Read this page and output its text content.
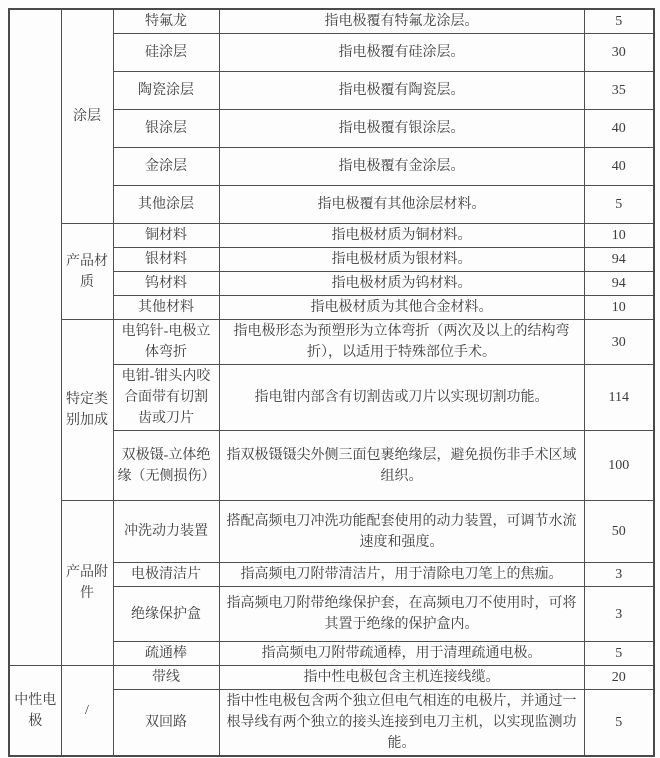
	涂层	特氟龙	指电极覆有特氟龙涂层。	5
		硅涂层	指电极覆有硅涂层。	30
		陶瓷涂层	指电极覆有陶瓷层。	35
		银涂层	指电极覆有银涂层。	40
		金涂层	指电极覆有金涂层。	40
		其他涂层	指电极覆有其他涂层材料。	5
	产品材质	铜材料	指电极材质为铜材料。	10
		银材料	指电极材质为银材料。	94
		钨材料	指电极材质为钨材料。	94
		其他材料	指电极材质为其他合金材料。	10
	特定类别加成	电钨针-电极立体弯折	指电极形态为预塑形为立体弯折（两次及以上的结构弯折），以适用于特殊部位手术。	30
		电钳-钳头内咬合面带有切割齿或刀片	指电钳内部含有切割齿或刀片以实现切割功能。	114
		双极镊-立体绝缘（无侧损伤）	指双极镊镊尖外侧三面包裹绝缘层，避免损伤非手术区域组织。	100
	产品附件	冲洗动力装置	搭配高频电刀冲洗功能配套使用的动力装置，可调节水流速度和强度。	50
		电极清洁片	指高频电刀附带清洁片，用于清除电刀笔上的焦痂。	3
		绝缘保护盒	指高频电刀附带绝缘保护套，在高频电刀不使用时，可将其置于绝缘的保护盒内。	3
		疏通棒	指高频电刀附带疏通棒，用于清理疏通电极。	5
中性电极	/	带线	指中性电极包含主机连接线缆。	20
		双回路	指中性电极包含两个独立但电气相连的电极片，并通过一根导线有两个独立的接头连接到电刀主机，以实现监测功能。	5
